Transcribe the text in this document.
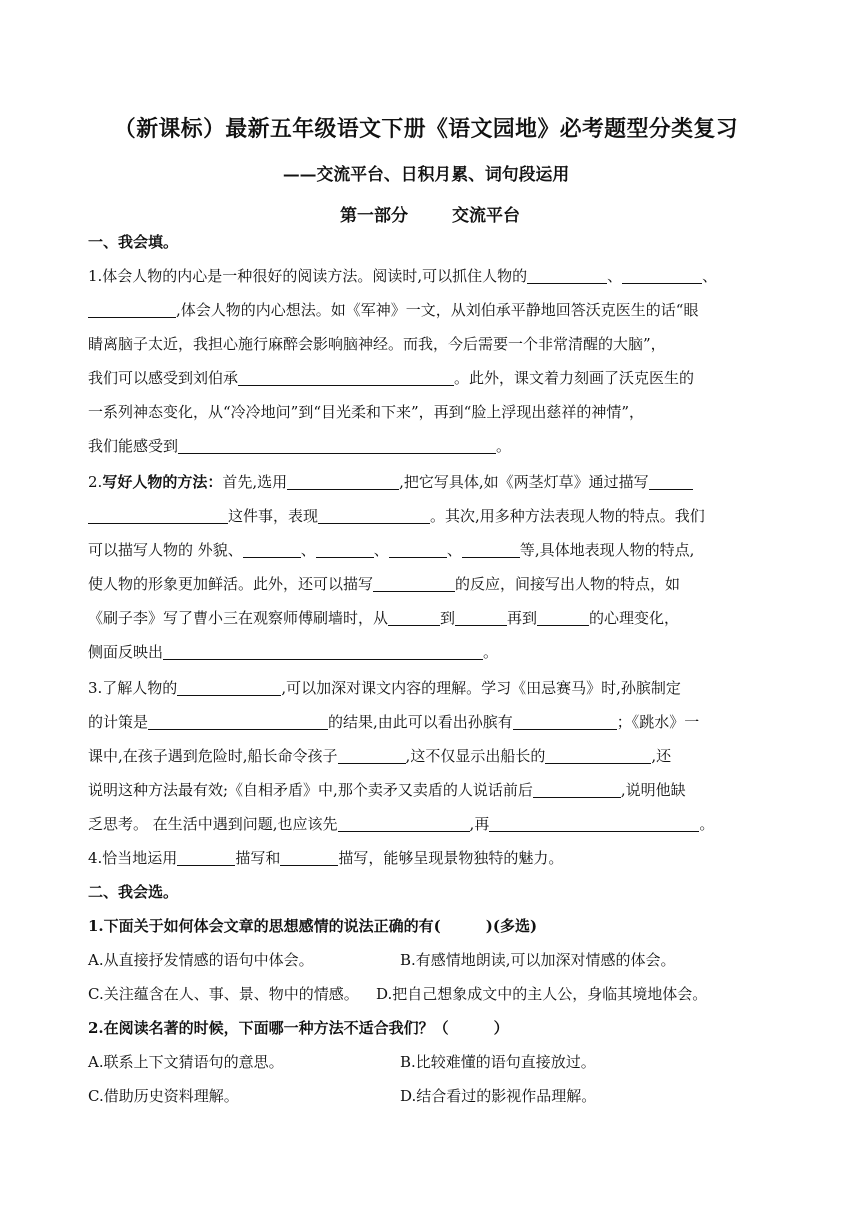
（新课标）最新五年级语文下册《语文园地》必考题型分类复习
——交流平台、日积月累、词句段运用
第一部分	交流平台
一、我会填。
1.体会人物的内心是一种很好的阅读方法。阅读时,可以抓住人物的	、	、
,体会人物的内心想法。如《军神》一文，从刘伯承平静地回答沃克医生的话“眼
睛离脑子太近，我担心施行麻醉会影响脑神经。而我，今后需要一个非常清醒的大脑”，
我们可以感受到刘伯承	。此外，课文着力刻画了沃克医生的
一系列神态变化，从“冷冷地问”到“目光柔和下来”，再到“脸上浮现出慈祥的神情”，
我们能感受到	。
2.写好人物的方法：首先,选用	,把它写具体,如《两茎灯草》通过描写
这件事，表现	。其次,用多种方法表现人物的特点。我们
可以描写人物的 外貌、	、	、	、	等,具体地表现人物的特点,
使人物的形象更加鲜活。此外，还可以描写	的反应，间接写出人物的特点，如
《刷子李》写了曹小三在观察师傅刷墙时，从	到	再到	的心理变化，
侧面反映出	。
3.了解人物的	,可以加深对课文内容的理解。学习《田忌赛马》时,孙膑制定
的计策是	的结果,由此可以看出孙膑有	；《跳水》一
课中,在孩子遇到危险时,船长命令孩子	,这不仅显示出船长的	,还
说明这种方法最有效;《自相矛盾》中,那个卖矛又卖盾的人说话前后	,说明他缺
乏思考。 在生活中遇到问题,也应该先	,再	。
4.恰当地运用	描写和	描写，能够呈现景物独特的魅力。
二、我会选。
1.下面关于如何体会文章的思想感情的说法正确的有(　　　)(多选)
A.从直接抒发情感的语句中体会。	B.有感情地朗读,可以加深对情感的体会。
C.关注蕴含在人、事、景、物中的情感。 D.把自己想象成文中的主人公，身临其境地体会。
2.在阅读名著的时候，下面哪一种方法不适合我们？（　　　）
A.联系上下文猜语句的意思。	B.比较难懂的语句直接放过。
C.借助历史资料理解。	D.结合看过的影视作品理解。
